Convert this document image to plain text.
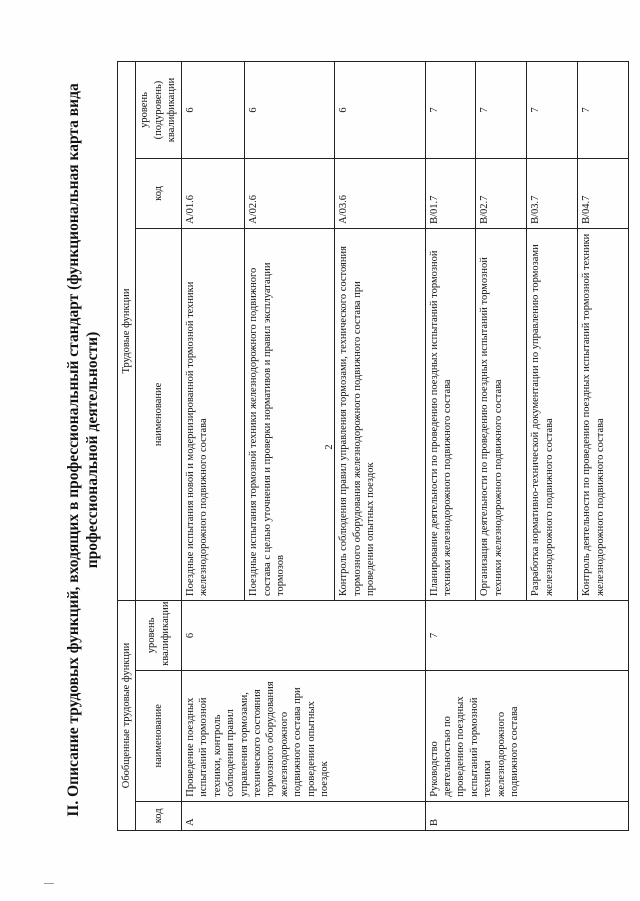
2
II. Описание трудовых функций, входящих в профессиональный стандарт (функциональная карта вида профессиональной деятельности)
Обобщенные трудовые функции			Трудовые функции		
код	наименование	уровень квалификации	наименование	код	уровень (подуровень) квалификации
А	Проведение поездных испытаний тормозной техники, контроль соблюдения правил управления тормозами, технического состояния тормозного оборудования железнодорожного подвижного состава при проведении опытных поездок	6	Поездные испытания новой и модернизированной тормозной техники железнодорожного подвижного состава	A/01.6	6
			Поездные испытания тормозной техники железнодорожного подвижного состава с целью уточнения и проверки нормативов и правил эксплуатации тормозов	A/02.6	6
			Контроль соблюдения правил управления тормозами, технического состояния тормозного оборудования железнодорожного подвижного состава при проведении опытных поездок	A/03.6	6
В	Руководство деятельностью по проведению поездных испытаний тормозной техники железнодорожного подвижного состава	7	Планирование деятельности по проведению поездных испытаний тормозной техники железнодорожного подвижного состава	B/01.7	7
			Организация деятельности по проведению поездных испытаний тормозной техники железнодорожного подвижного состава	B/02.7	7
			Разработка нормативно-технической документации по управлению тормозами железнодорожного подвижного состава	B/03.7	7
			Контроль деятельности по проведению поездных испытаний тормозной техники железнодорожного подвижного состава	B/04.7	7
